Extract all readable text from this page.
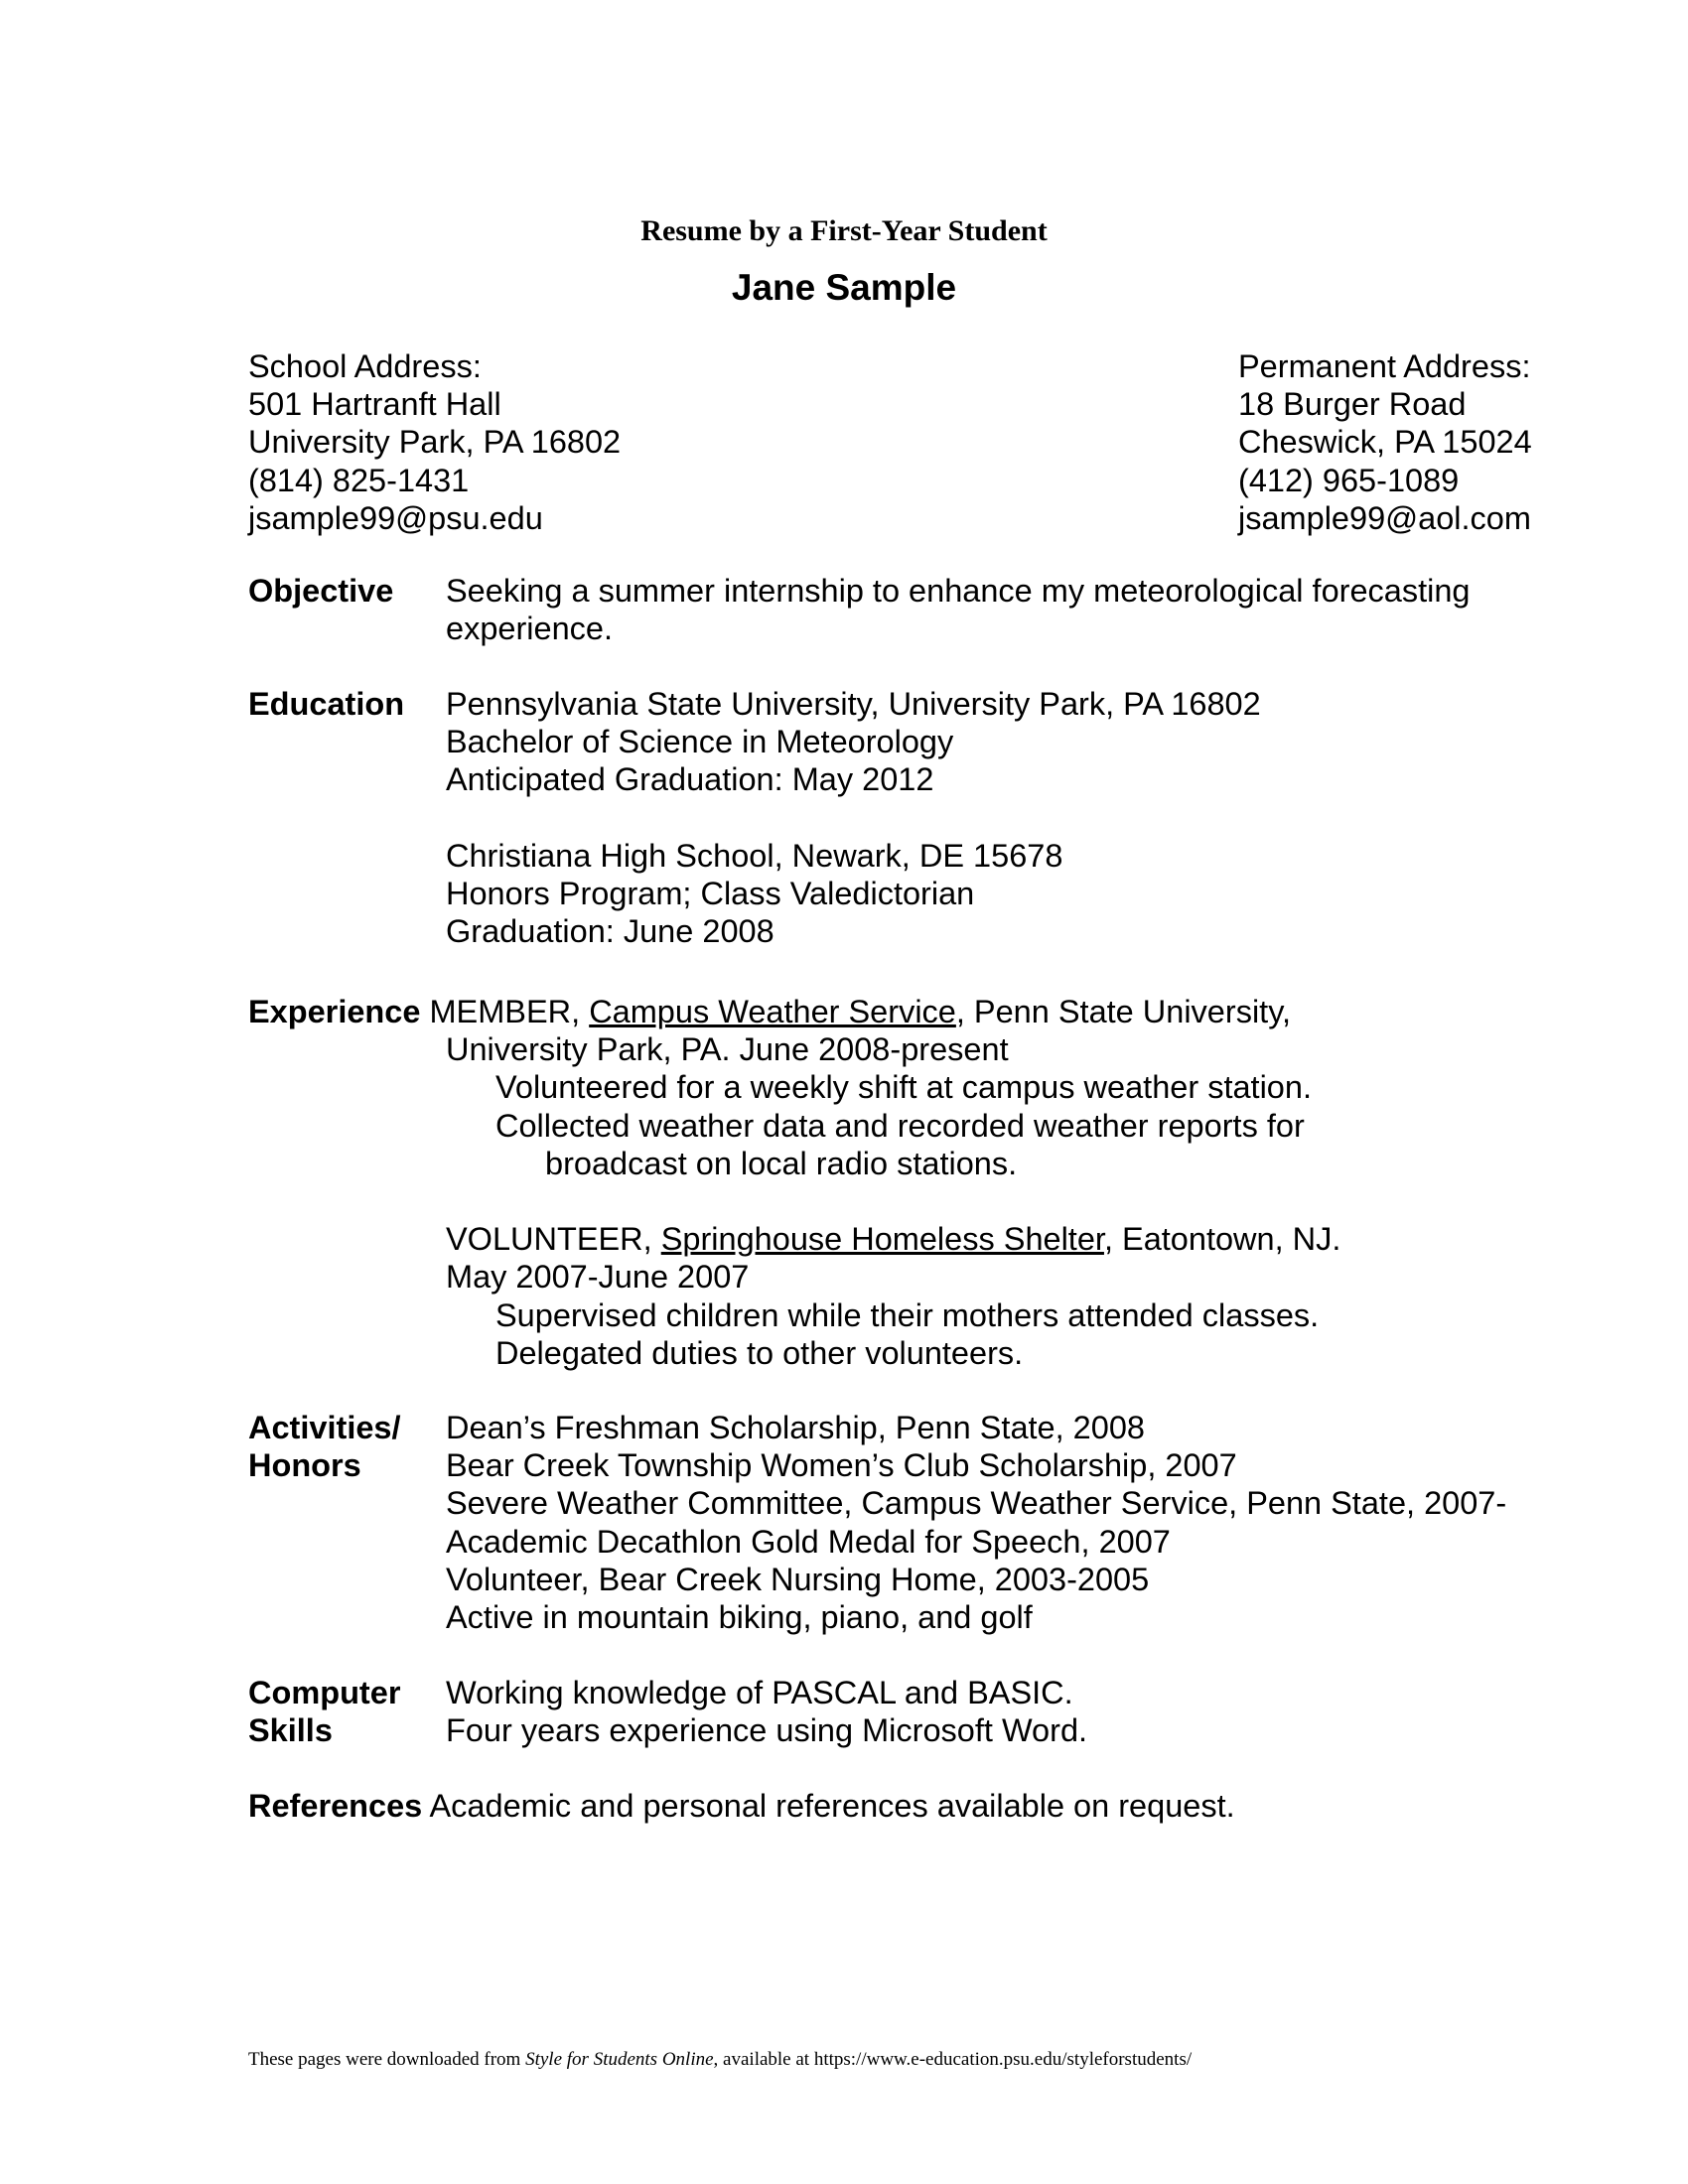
Resume by a First-Year Student
Jane Sample
School Address:
501 Hartranft Hall
University Park, PA 16802
(814) 825-1431
jsample99@psu.edu
Permanent Address:
18 Burger Road
Cheswick, PA 15024
(412) 965-1089
jsample99@aol.com
Objective Seeking a summer internship to enhance my meteorological forecasting
experience.
Education Pennsylvania State University, University Park, PA 16802
Bachelor of Science in Meteorology
Anticipated Graduation: May 2012
Christiana High School, Newark, DE 15678
Honors Program; Class Valedictorian
Graduation: June 2008
Experience MEMBER, Campus Weather Service, Penn State University,
University Park, PA. June 2008-present
Volunteered for a weekly shift at campus weather station.
Collected weather data and recorded weather reports for
broadcast on local radio stations.
VOLUNTEER, Springhouse Homeless Shelter, Eatontown, NJ.
May 2007-June 2007
Supervised children while their mothers attended classes.
Delegated duties to other volunteers.
Activities/
Honors
Dean’s Freshman Scholarship, Penn State, 2008
Bear Creek Township Women’s Club Scholarship, 2007
Severe Weather Committee, Campus Weather Service, Penn State, 2007-
Academic Decathlon Gold Medal for Speech, 2007
Volunteer, Bear Creek Nursing Home, 2003-2005
Active in mountain biking, piano, and golf
Computer
Skills
Working knowledge of PASCAL and BASIC.
Four years experience using Microsoft Word.
References Academic and personal references available on request.
These pages were downloaded from Style for Students Online, available at https://www.e-education.psu.edu/styleforstudents/
